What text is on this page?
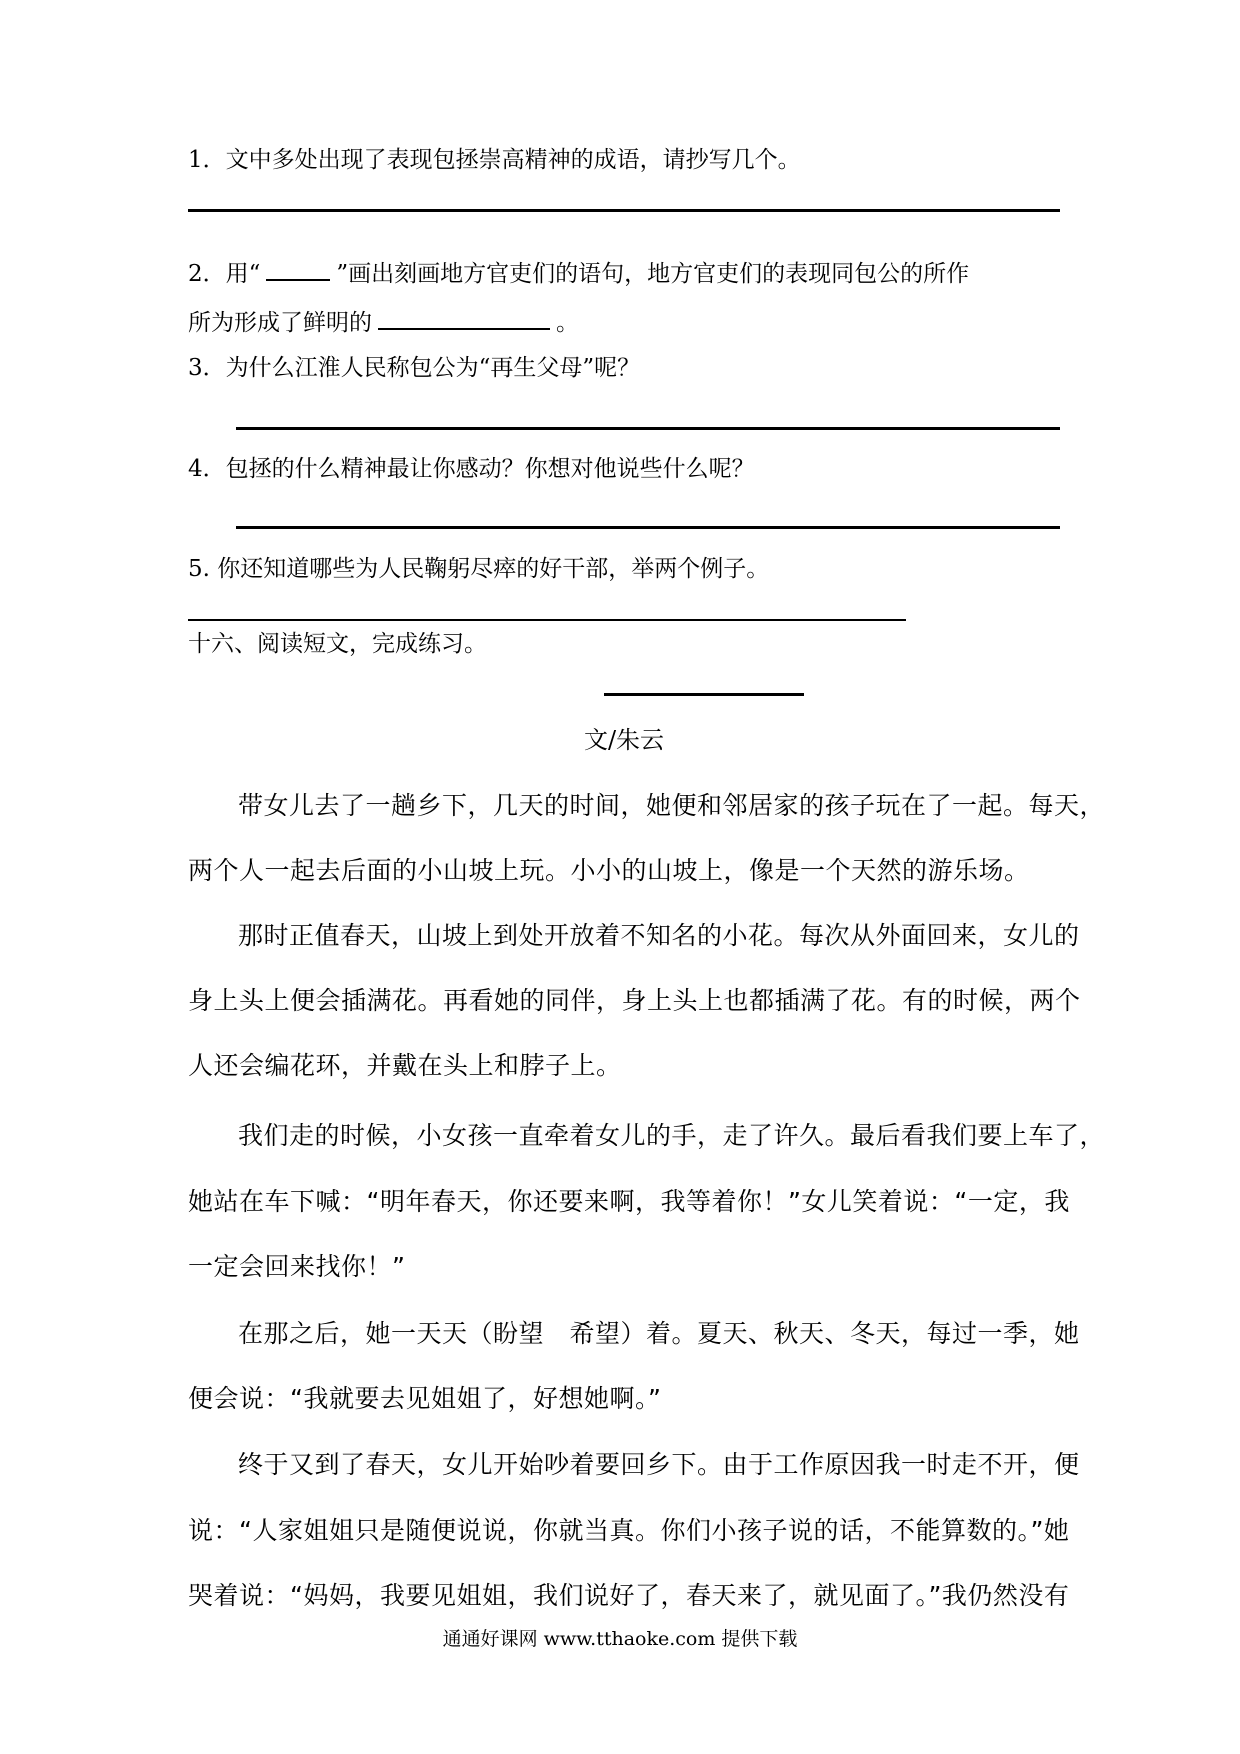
1．文中多处出现了表现包拯崇高精神的成语，请抄写几个。
2．用“	”画出刻画地方官吏们的语句，地方官吏们的表现同包公的所作
所为形成了鲜明的	。
3．为什么江淮人民称包公为“再生父母”呢？
4．包拯的什么精神最让你感动？你想对他说些什么呢？
5. 你还知道哪些为人民鞠躬尽瘁的好干部，举两个例子。
十六、阅读短文，完成练习。
文/朱云
带女儿去了一趟乡下，几天的时间，她便和邻居家的孩子玩在了一起。每天，
两个人一起去后面的小山坡上玩。小小的山坡上，像是一个天然的游乐场。
那时正值春天，山坡上到处开放着不知名的小花。每次从外面回来，女儿的
身上头上便会插满花。再看她的同伴，身上头上也都插满了花。有的时候，两个
人还会编花环，并戴在头上和脖子上。
我们走的时候，小女孩一直牵着女儿的手，走了许久。最后看我们要上车了，
她站在车下喊：“明年春天，你还要来啊，我等着你！”女儿笑着说：“一定，我
一定会回来找你！”
在那之后，她一天天（盼望　希望）着。夏天、秋天、冬天，每过一季，她
便会说：“我就要去见姐姐了，好想她啊。”
终于又到了春天，女儿开始吵着要回乡下。由于工作原因我一时走不开，便
说：“人家姐姐只是随便说说，你就当真。你们小孩子说的话，不能算数的。”她
哭着说：“妈妈，我要见姐姐，我们说好了，春天来了，就见面了。”我仍然没有
通通好课网 www.tthaoke.com 提供下载
